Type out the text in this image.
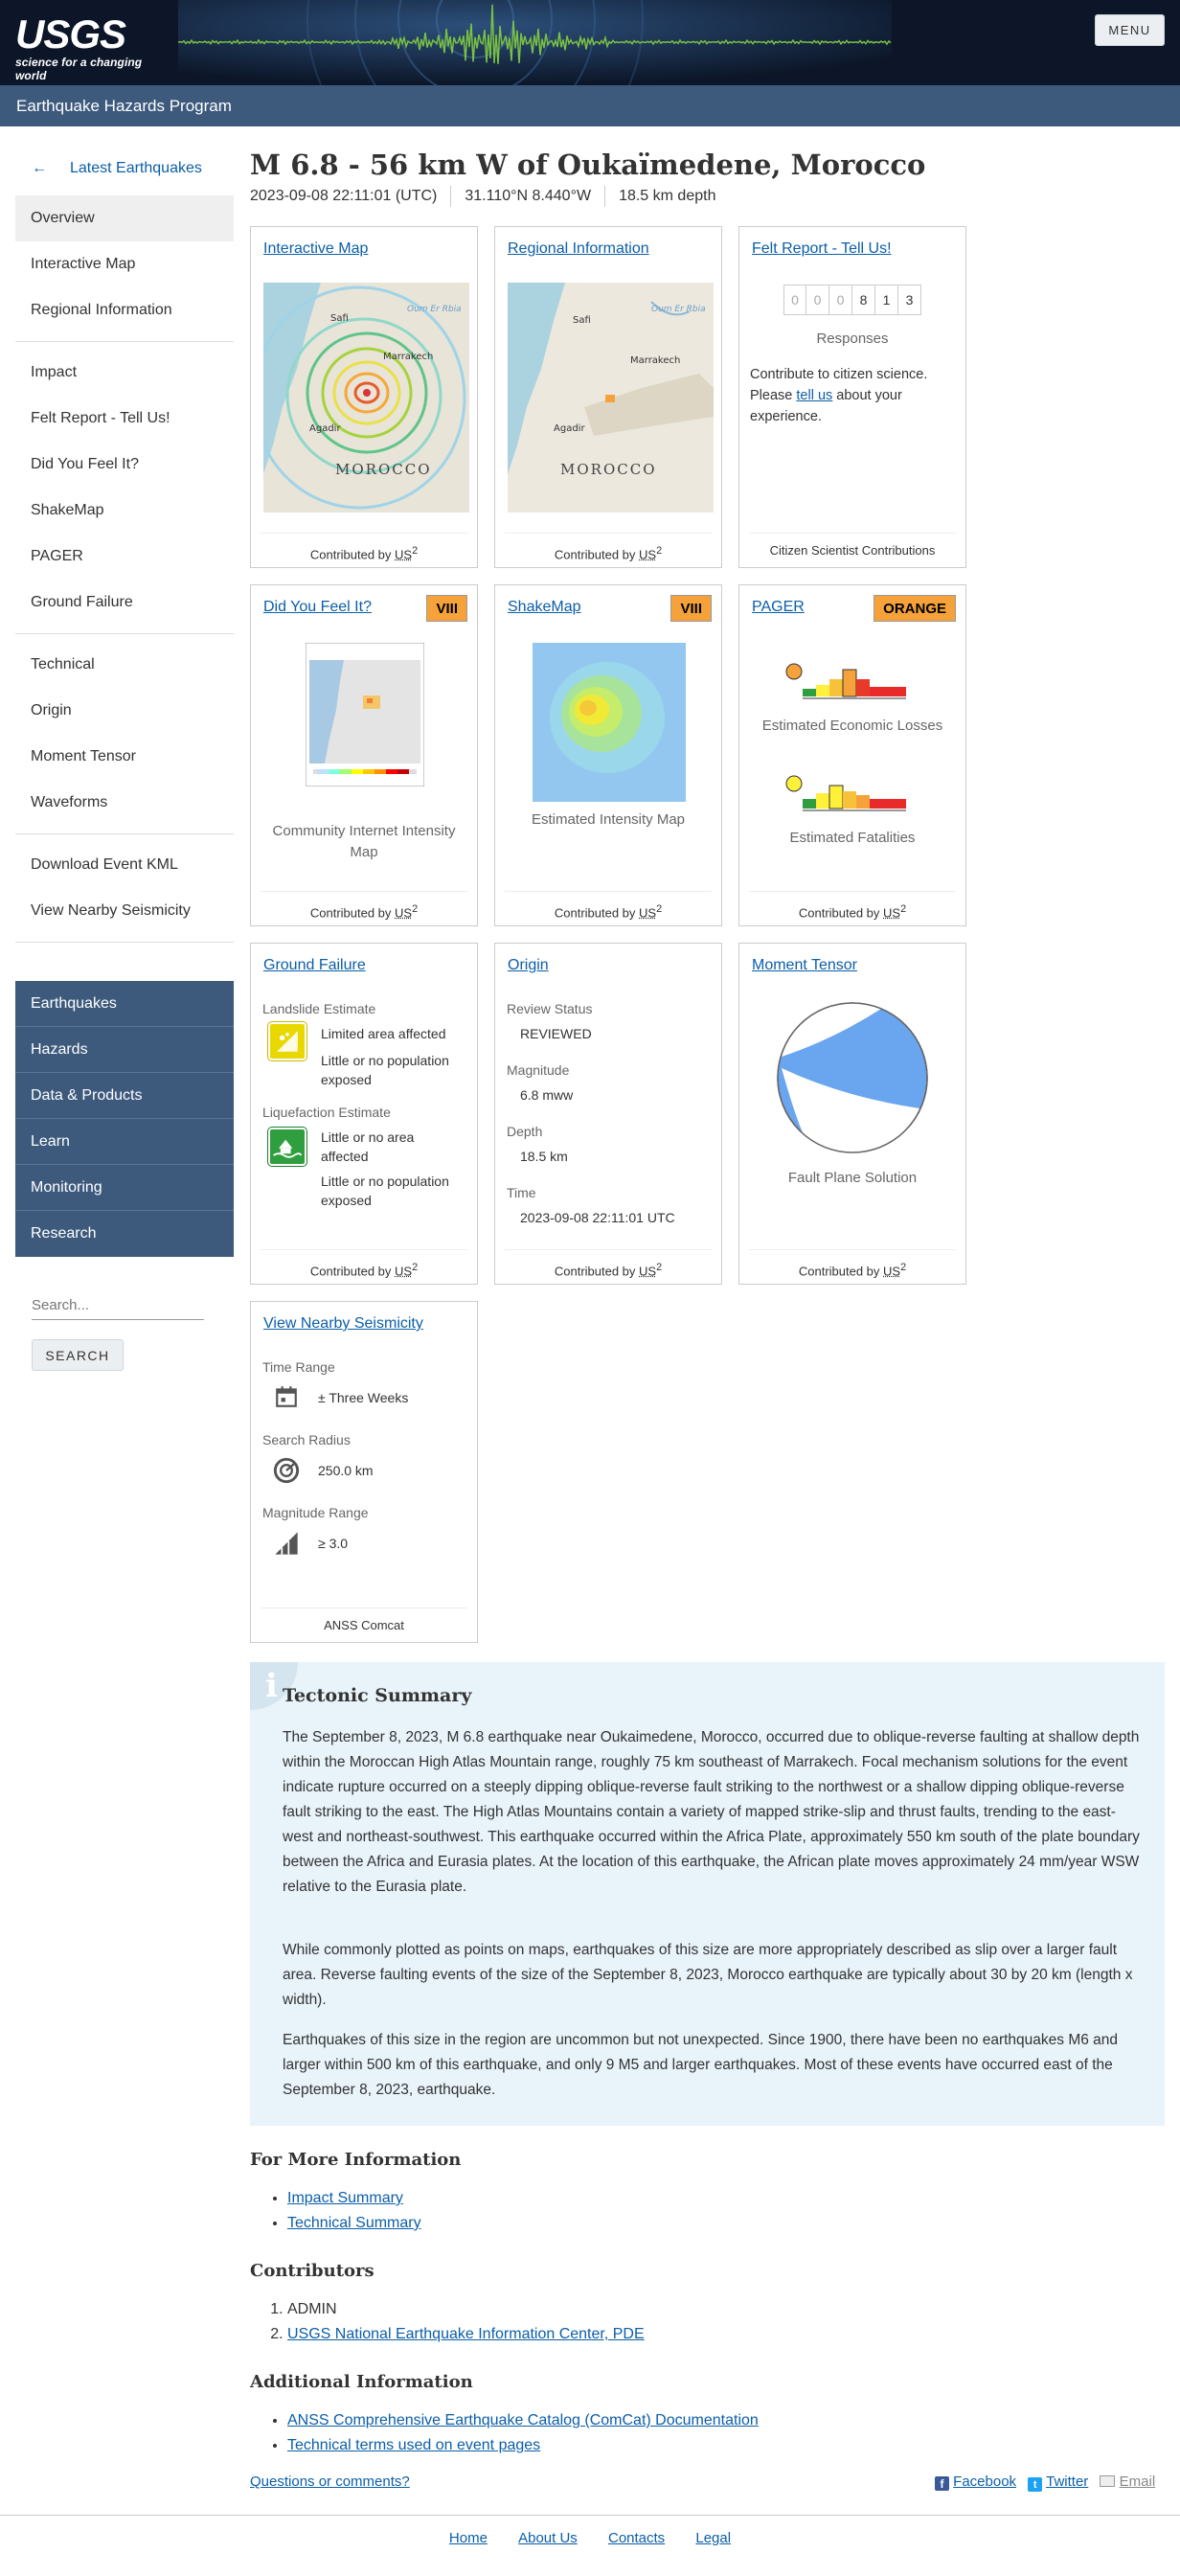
USGS
science for a changing world
MENU
Earthquake Hazards Program
← Latest Earthquakes
Overview
Interactive Map
Regional Information
Impact
Felt Report - Tell Us!
Did You Feel It?
ShakeMap
PAGER
Ground Failure
Technical
Origin
Moment Tensor
Waveforms
Download Event KML
View Nearby Seismicity
Earthquakes
Hazards
Data & Products
Learn
Monitoring
Research
Search...
SEARCH
M 6.8 - 56 km W of Oukaïmedene, Morocco
2023-09-08 22:11:01 (UTC) 31.110°N 8.440°W 18.5 km depth
Interactive Map
Safi
Marrakech
Agadir
MOROCCO
Oum Er Rbia
Contributed by $US^2$
Regional Information
Safi
Marrakech
Agadir
MOROCCO
Oum Er Rbia
Contributed by $US^2$
Felt Report - Tell Us!
0	0	0	8	1	3
Responses
Contribute to citizen science. Please tell us about your experience.
Citizen Scientist Contributions
Did You Feel It?	VIII
Community Internet Intensity Map
Contributed by $US^2$
ShakeMap	VIII
Estimated Intensity Map
Contributed by $US^2$
PAGER	ORANGE
Estimated Economic Losses
Estimated Fatalities
Contributed by $US^2$
Ground Failure
Landslide Estimate
Limited area affected
Little or no population exposed
Liquefaction Estimate
Little or no area affected
Little or no population exposed
Contributed by $US^2$
Origin
Review Status
REVIEWED
Magnitude
6.8 mww
Depth
18.5 km
Time
2023-09-08 22:11:01 UTC
Contributed by $US^2$
Moment Tensor
Fault Plane Solution
Contributed by $US^2$
View Nearby Seismicity
Time Range
± Three Weeks
Search Radius
250.0 km
Magnitude Range
≥ 3.0
ANSS Comcat
i Tectonic Summary

The September 8, 2023, M 6.8 earthquake near Oukaimedene, Morocco, occurred due to oblique-reverse faulting at shallow depth within the Moroccan High Atlas Mountain range, roughly 75 km southeast of Marrakech. Focal mechanism solutions for the event indicate rupture occurred on a steeply dipping oblique-reverse fault striking to the northwest or a shallow dipping oblique-reverse fault striking to the east. The High Atlas Mountains contain a variety of mapped strike-slip and thrust faults, trending to the east-west and northeast-southwest. This earthquake occurred within the Africa Plate, approximately 550 km south of the plate boundary between the Africa and Eurasia plates. At the location of this earthquake, the African plate moves approximately 24 mm/year WSW relative to the Eurasia plate.

While commonly plotted as points on maps, earthquakes of this size are more appropriately described as slip over a larger fault area. Reverse faulting events of the size of the September 8, 2023, Morocco earthquake are typically about 30 by 20 km (length x width).

Earthquakes of this size in the region are uncommon but not unexpected. Since 1900, there have been no earthquakes M6 and larger within 500 km of this earthquake, and only 9 M5 and larger earthquakes. Most of these events have occurred east of the September 8, 2023, earthquake.

For More Information
• Impact Summary
• Technical Summary
Contributors
1. ADMIN
2. USGS National Earthquake Information Center, PDE
Additional Information
• ANSS Comprehensive Earthquake Catalog (ComCat) Documentation
• Technical terms used on event pages
Questions or comments?	f Facebook t Twitter Email
Home About Us Contacts Legal
